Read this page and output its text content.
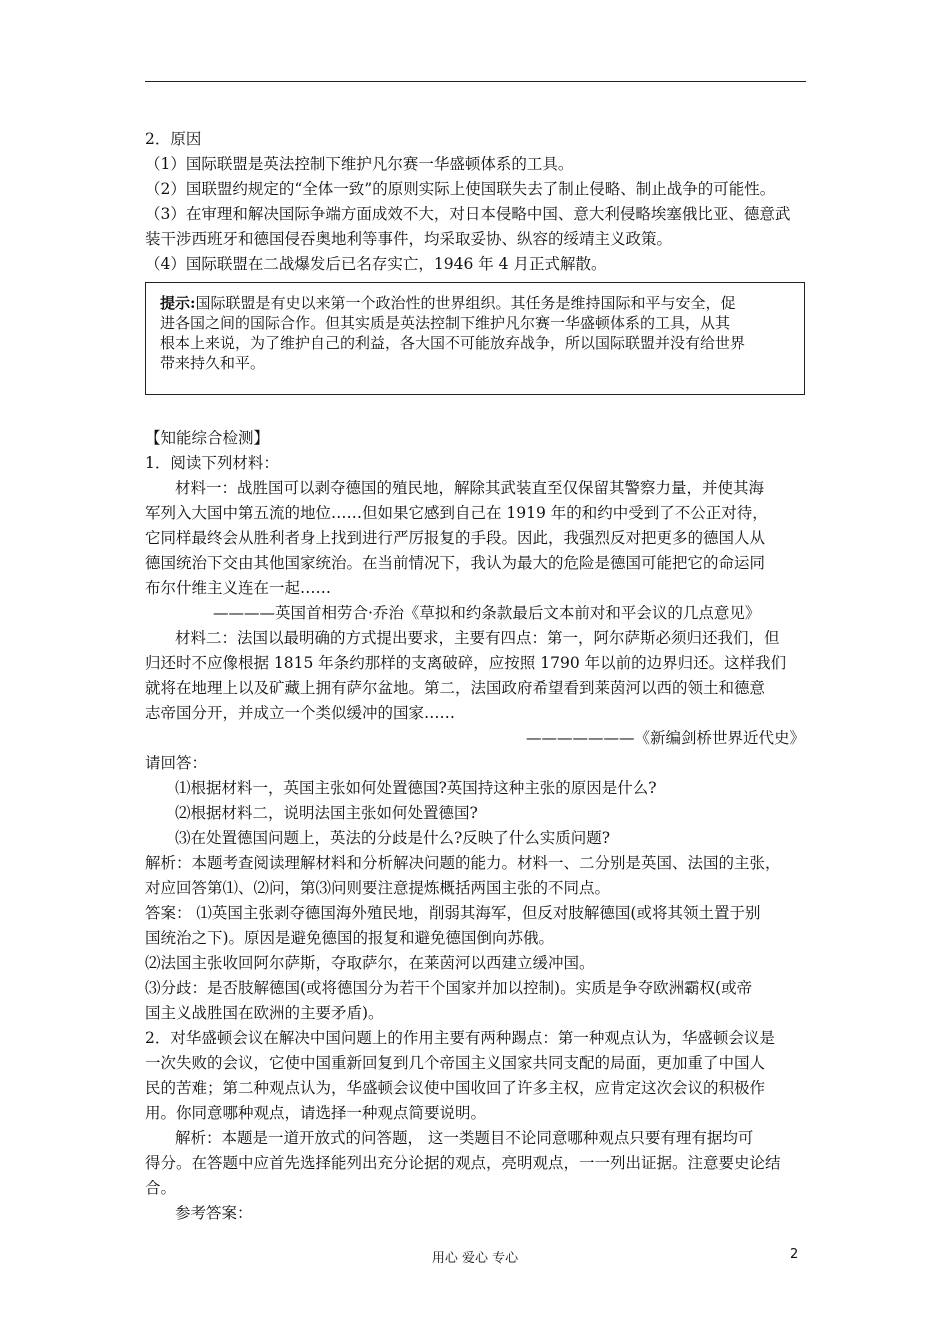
2．原因
（1）国际联盟是英法控制下维护凡尔赛一华盛顿体系的工具。
（2）国联盟约规定的“全体一致”的原则实际上使国联失去了制止侵略、制止战争的可能性。
（3）在审理和解决国际争端方面成效不大，对日本侵略中国、意大利侵略埃塞俄比亚、德意武
装干涉西班牙和德国侵吞奥地利等事件，均采取妥协、纵容的绥靖主义政策。
（4）国际联盟在二战爆发后已名存实亡，1946 年 4 月正式解散。
提示:国际联盟是有史以来第一个政治性的世界组织。其任务是维持国际和平与安全，促
进各国之间的国际合作。但其实质是英法控制下维护凡尔赛一华盛顿体系的工具，从其
根本上来说，为了维护自己的利益，各大国不可能放弃战争，所以国际联盟并没有给世界
带来持久和平。
【知能综合检测】
1．阅读下列材料：
材料一：战胜国可以剥夺德国的殖民地，解除其武装直至仅保留其警察力量，并使其海
军列入大国中第五流的地位……但如果它感到自己在 1919 年的和约中受到了不公正对待，
它同样最终会从胜利者身上找到进行严厉报复的手段。因此，我强烈反对把更多的德国人从
德国统治下交由其他国家统治。在当前情况下，我认为最大的危险是德国可能把它的命运同
布尔什维主义连在一起……
————英国首相劳合·乔治《草拟和约条款最后文本前对和平会议的几点意见》
材料二：法国以最明确的方式提出要求，主要有四点：第一，阿尔萨斯必须归还我们，但
归还时不应像根据 1815 年条约那样的支离破碎，应按照 1790 年以前的边界归还。这样我们
就将在地理上以及矿藏上拥有萨尔盆地。第二，法国政府希望看到莱茵河以西的领土和德意
志帝国分开，并成立一个类似缓冲的国家……
———————《新编剑桥世界近代史》
请回答：
⑴根据材料一，英国主张如何处置德国?英国持这种主张的原因是什么?
⑵根据材料二，说明法国主张如何处置德国?
⑶在处置德国问题上，英法的分歧是什么?反映了什么实质问题?
解析：本题考查阅读理解材料和分析解决问题的能力。材料一、二分别是英国、法国的主张，
对应回答第⑴、⑵问，第⑶问则要注意提炼概括两国主张的不同点。
答案： ⑴英国主张剥夺德国海外殖民地，削弱其海军，但反对肢解德国(或将其领土置于别
国统治之下)。原因是避免德国的报复和避免德国倒向苏俄。
⑵法国主张收回阿尔萨斯，夺取萨尔，在莱茵河以西建立缓冲国。
⑶分歧：是否肢解德国(或将德国分为若干个国家并加以控制)。实质是争夺欧洲霸权(或帝
国主义战胜国在欧洲的主要矛盾)。
2．对华盛顿会议在解决中国问题上的作用主要有两种踢点：第一种观点认为，华盛顿会议是
一次失败的会议，它使中国重新回复到几个帝国主义国家共同支配的局面，更加重了中国人
民的苦难；第二种观点认为，华盛顿会议使中国收回了许多主权，应肯定这次会议的积极作
用。你同意哪种观点，请选择一种观点简要说明。
解析：本题是一道开放式的问答题， 这一类题目不论同意哪种观点只要有理有据均可
得分。在答题中应首先选择能列出充分论据的观点，亮明观点，一一列出证据。注意要史论结
合。
参考答案：
用心 爱心 专心	2
